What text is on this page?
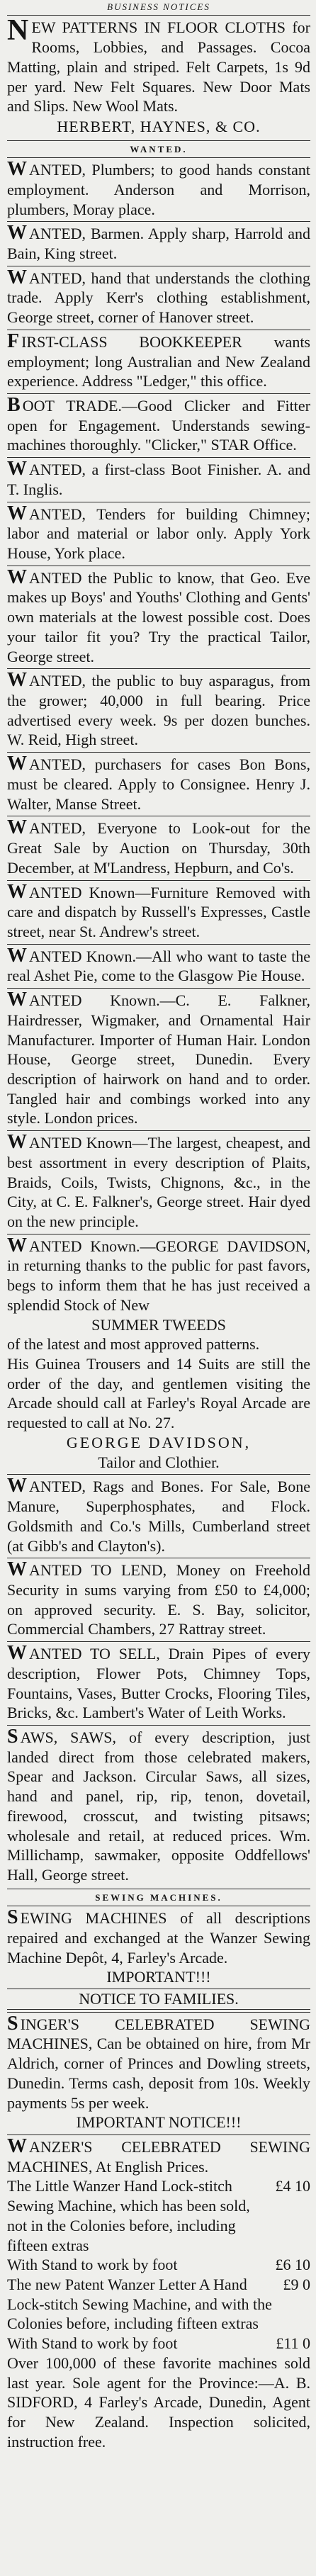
BUSINESS NOTICES
NEW PATTERNS IN FLOOR CLOTHS for Rooms, Lobbies, and Passages. Cocoa Matting, plain and striped. Felt Carpets, 1s 9d per yard. New Felt Squares. New Door Mats and Slips. New Wool Mats.
HERBERT, HAYNES, & CO.
WANTED.
W ANTED, Plumbers; to good hands constant employment. Anderson and Morrison, plumbers, Moray place.
W ANTED, Barmen. Apply sharp, Harrold and Bain, King street.
W ANTED, hand that understands the clothing trade. Apply Kerr's clothing establishment, George street, corner of Hanover street.
F IRST-CLASS BOOKKEEPER wants employment; long Australian and New Zealand experience. Address "Ledger," this office.
B OOT TRADE.—Good Clicker and Fitter open for Engagement. Understands sewing-machines thoroughly. "Clicker," STAR Office.
W ANTED, a first-class Boot Finisher. A. and T. Inglis.
W ANTED, Tenders for building Chimney; labor and material or labor only. Apply York House, York place.
W ANTED the Public to know, that Geo. Eve makes up Boys' and Youths' Clothing and Gents' own materials at the lowest possible cost. Does your tailor fit you? Try the practical Tailor, George street.
W ANTED, the public to buy asparagus, from the grower; 40,000 in full bearing. Price advertised every week. 9s per dozen bunches. W. Reid, High street.
W ANTED, purchasers for cases Bon Bons, must be cleared. Apply to Consignee. Henry J. Walter, Manse Street.
W ANTED, Everyone to Look-out for the Great Sale by Auction on Thursday, 30th December, at M'Landress, Hepburn, and Co's.
W ANTED Known—Furniture Removed with care and dispatch by Russell's Expresses, Castle street, near St. Andrew's street.
W ANTED Known.—All who want to taste the real Ashet Pie, come to the Glasgow Pie House.
W ANTED Known.—C. E. Falkner, Hairdresser, Wigmaker, and Ornamental Hair Manufacturer. Importer of Human Hair. London House, George street, Dunedin. Every description of hairwork on hand and to order. Tangled hair and combings worked into any style. London prices.
W ANTED Known—The largest, cheapest, and best assortment in every description of Plaits, Braids, Coils, Twists, Chignons, &c., in the City, at C. E. Falkner's, George street. Hair dyed on the new principle.
W ANTED Known.—GEORGE DAVIDSON, in returning thanks to the public for past favors, begs to inform them that he has just received a splendid Stock of New
SUMMER TWEEDS
of the latest and most approved patterns.
His Guinea Trousers and 14 Suits are still the order of the day, and gentlemen visiting the Arcade should call at Farley's Royal Arcade are requested to call at No. 27.
GEORGE DAVIDSON,
Tailor and Clothier.
W ANTED, Rags and Bones. For Sale, Bone Manure, Superphosphates, and Flock. Goldsmith and Co.'s Mills, Cumberland street (at Gibb's and Clayton's).
W ANTED TO LEND, Money on Freehold Security in sums varying from £50 to £4,000; on approved security. E. S. Bay, solicitor, Commercial Chambers, 27 Rattray street.
W ANTED TO SELL, Drain Pipes of every description, Flower Pots, Chimney Tops, Fountains, Vases, Butter Crocks, Flooring Tiles, Bricks, &c. Lambert's Water of Leith Works.
S AWS, SAWS, of every description, just landed direct from those celebrated makers, Spear and Jackson. Circular Saws, all sizes, hand and panel, rip, rip, tenon, dovetail, firewood, crosscut, and twisting pitsaws; wholesale and retail, at reduced prices. Wm. Millichamp, sawmaker, opposite Oddfellows' Hall, George street.
SEWING MACHINES.
S EWING MACHINES of all descriptions repaired and exchanged at the Wanzer Sewing Machine Depôt, 4, Farley's Arcade.
IMPORTANT!!!
NOTICE TO FAMILIES.
S INGER'S CELEBRATED SEWING MACHINES, Can be obtained on hire, from Mr Aldrich, corner of Princes and Dowling streets, Dunedin. Terms cash, deposit from 10s. Weekly payments 5s per week.
IMPORTANT NOTICE!!!
W ANZER'S CELEBRATED SEWING MACHINES, At English Prices.
The Little Wanzer Hand Lock-stitch Sewing Machine, which has been sold, not in the Colonies before, including fifteen extras
£4 10
With Stand to work by foot	£6 10
The new Patent Wanzer Letter A Hand Lock-stitch Sewing Machine, and with the Colonies before, including fifteen extras
£9 0
With Stand to work by foot	£11 0
Over 100,000 of these favorite machines sold last year. Sole agent for the Province:—A. B. SIDFORD, 4 Farley's Arcade, Dunedin, Agent for New Zealand. Inspection solicited, instruction free.
